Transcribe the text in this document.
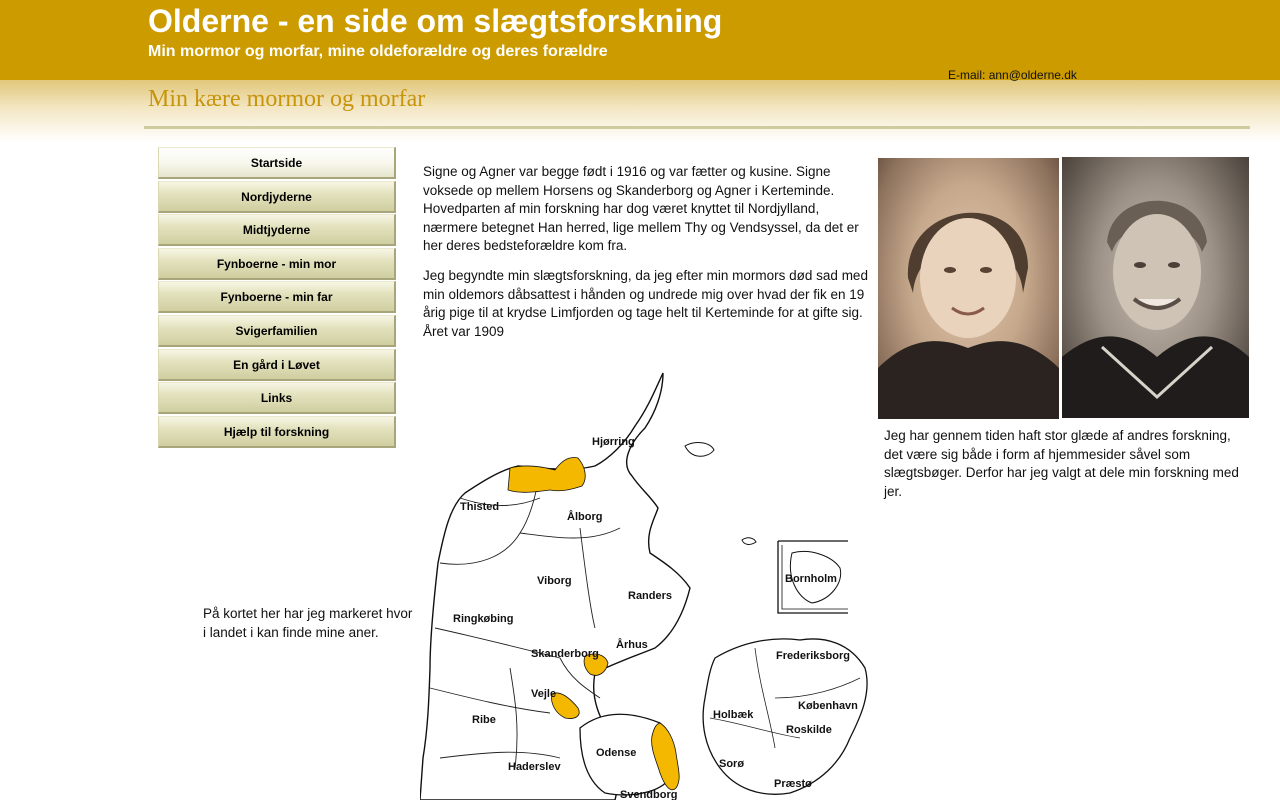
Olderne - en side om slægtsforskning
Min mormor og morfar, mine oldeforældre og deres forældre
E-mail: ann@olderne.dk
Min kære mormor og morfar
Startside
Nordjyderne
Midtjyderne
Fynboerne - min mor
Fynboerne - min far
Svigerfamilien
En gård i Løvet
Links
Hjælp til forskning

Signe og Agner var begge født i 1916 og var fætter og kusine. Signe voksede op mellem Horsens og Skanderborg og Agner i Kerteminde. Hovedparten af min forskning har dog været knyttet til Nordjylland, nærmere betegnet Han herred, lige mellem Thy og Vendsyssel, da det er her deres bedsteforældre kom fra.

Jeg begyndte min slægtsforskning, da jeg efter min mormors død sad med min oldemors dåbsattest i hånden og undrede mig over hvad der fik en 19 årig pige til at krydse Limfjorden og tage helt til Kerteminde for at gifte sig. Året var 1909

Jeg har gennem tiden haft stor glæde af andres forskning, det være sig både i form af hjemmesider såvel som slægtsbøger. Derfor har jeg valgt at dele min forskning med jer.

På kortet her har jeg markeret hvor i landet i kan finde mine aner.

Hjørring
Thisted
Ålborg
Viborg
Randers
Ringkøbing
Århus
Skanderborg
Vejle
Ribe
Odense
Haderslev
Svendborg
Holbæk
Sorø
Præstø
København
Roskilde
Frederiksborg
Bornholm
